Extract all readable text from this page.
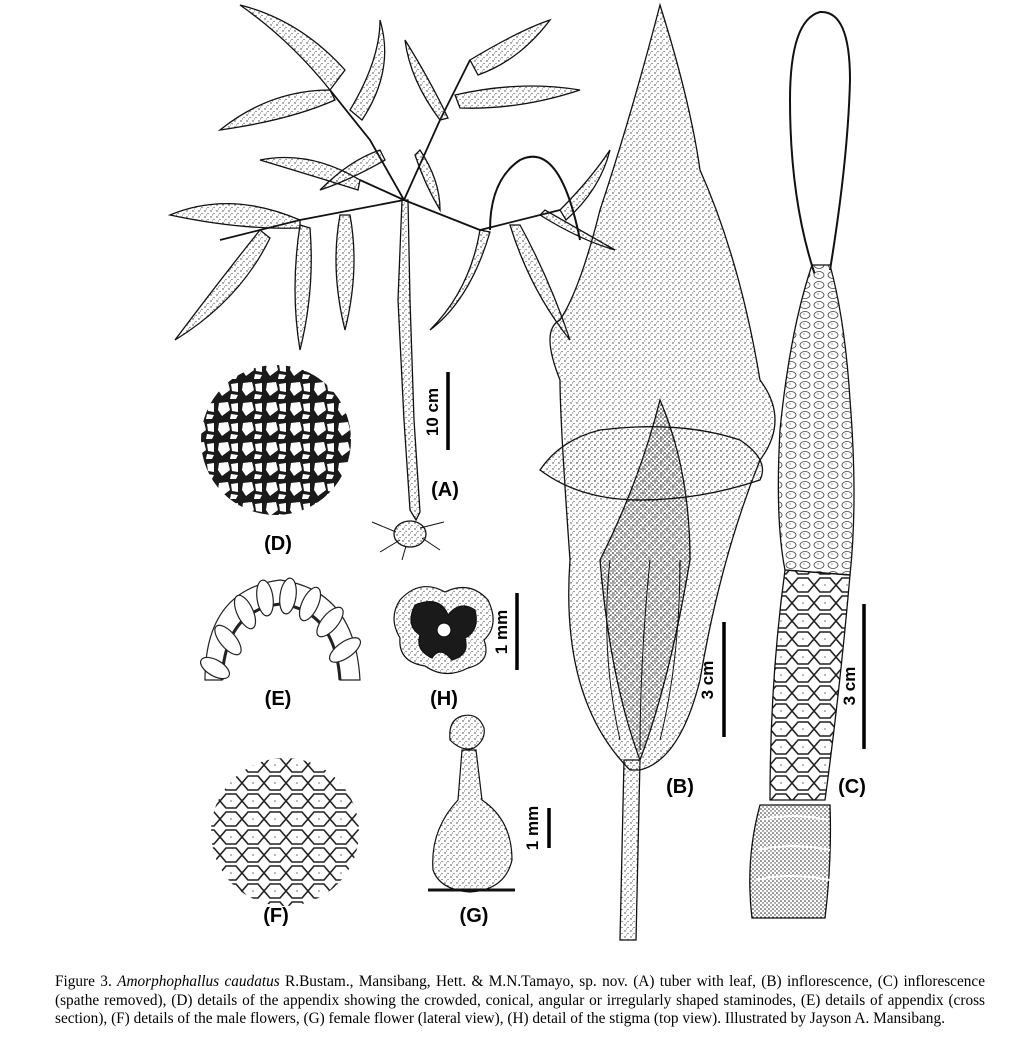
10 cm
(A)
3 cm
(B)
3 cm
(C)
(D)
(E)
1 mm
(H)
(F)
1 mm
(G)

Figure 3. Amorphophallus caudatus R.Bustam., Mansibang, Hett. & M.N.Tamayo, sp. nov. (A) tuber with leaf, (B) inflorescence, (C) inflorescence (spathe removed), (D) details of the appendix showing the crowded, conical, angular or irregularly shaped staminodes, (E) details of appendix (cross section), (F) details of the male flowers, (G) female flower (lateral view), (H) detail of the stigma (top view). Illustrated by Jayson A. Mansibang.
